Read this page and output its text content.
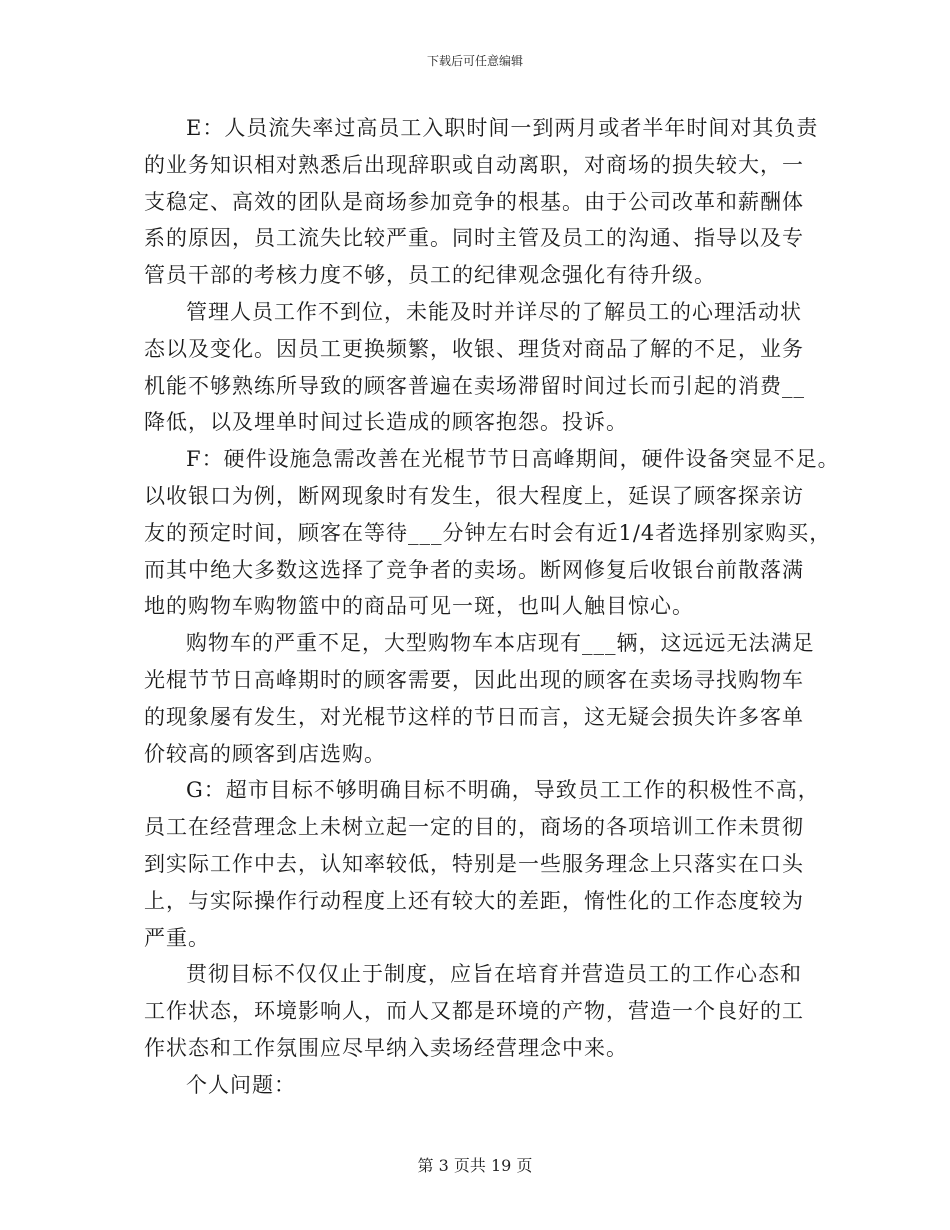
下载后可任意编辑
E：人员流失率过高员工入职时间一到两月或者半年时间对其负责
的业务知识相对熟悉后出现辞职或自动离职，对商场的损失较大，一
支稳定、高效的团队是商场参加竞争的根基。由于公司改革和薪酬体
系的原因，员工流失比较严重。同时主管及员工的沟通、指导以及专
管员干部的考核力度不够，员工的纪律观念强化有待升级。
管理人员工作不到位，未能及时并详尽的了解员工的心理活动状
态以及变化。因员工更换频繁，收银、理货对商品了解的不足，业务
机能不够熟练所导致的顾客普遍在卖场滞留时间过长而引起的消费__
降低，以及埋单时间过长造成的顾客抱怨。投诉。
F：硬件设施急需改善在光棍节节日高峰期间，硬件设备突显不足。
以收银口为例，断网现象时有发生，很大程度上，延误了顾客探亲访
友的预定时间，顾客在等待___分钟左右时会有近1/4者选择别家购买，
而其中绝大多数这选择了竞争者的卖场。断网修复后收银台前散落满
地的购物车购物篮中的商品可见一斑，也叫人触目惊心。
购物车的严重不足，大型购物车本店现有___辆，这远远无法满足
光棍节节日高峰期时的顾客需要，因此出现的顾客在卖场寻找购物车
的现象屡有发生，对光棍节这样的节日而言，这无疑会损失许多客单
价较高的顾客到店选购。
G：超市目标不够明确目标不明确，导致员工工作的积极性不高，
员工在经营理念上未树立起一定的目的，商场的各项培训工作未贯彻
到实际工作中去，认知率较低，特别是一些服务理念上只落实在口头
上，与实际操作行动程度上还有较大的差距，惰性化的工作态度较为
严重。
贯彻目标不仅仅止于制度，应旨在培育并营造员工的工作心态和
工作状态，环境影响人，而人又都是环境的产物，营造一个良好的工
作状态和工作氛围应尽早纳入卖场经营理念中来。
个人问题：
第 3 页共 19 页
